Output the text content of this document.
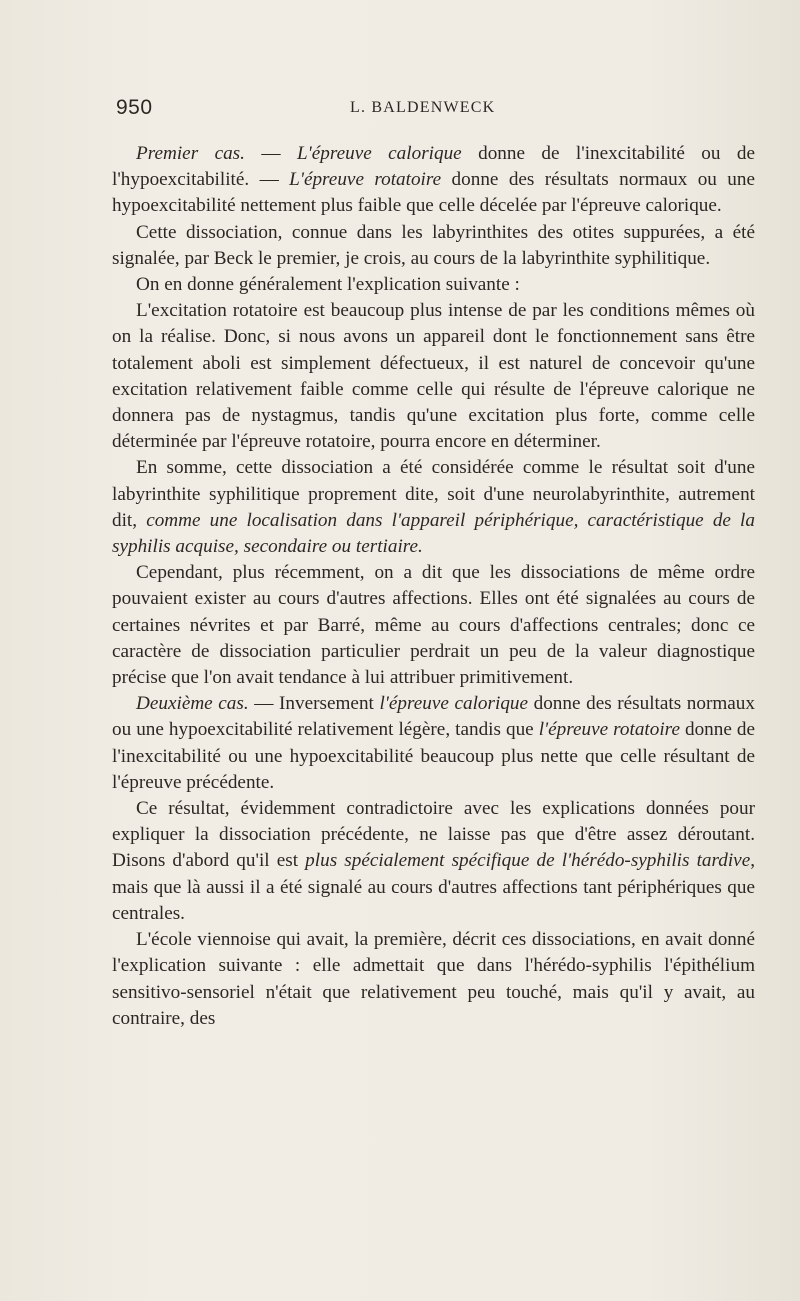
950	L. BALDENWECK

Premier cas. — L'épreuve calorique donne de l'inexcitabilité ou de l'hypoexcitabilité. — L'épreuve rotatoire donne des résultats normaux ou une hypoexcitabilité nettement plus faible que celle décelée par l'épreuve calorique.

Cette dissociation, connue dans les labyrinthites des otites suppurées, a été signalée, par Beck le premier, je crois, au cours de la labyrinthite syphilitique.

On en donne généralement l'explication suivante :

L'excitation rotatoire est beaucoup plus intense de par les conditions mêmes où on la réalise. Donc, si nous avons un appareil dont le fonctionnement sans être totalement aboli est simplement défectueux, il est naturel de concevoir qu'une excitation relativement faible comme celle qui résulte de l'épreuve calorique ne donnera pas de nystagmus, tandis qu'une excitation plus forte, comme celle déterminée par l'épreuve rotatoire, pourra encore en déterminer.

En somme, cette dissociation a été considérée comme le résultat soit d'une labyrinthite syphilitique proprement dite, soit d'une neurolabyrinthite, autrement dit, comme une localisation dans l'appareil périphérique, caractéristique de la syphilis acquise, secondaire ou tertiaire.

Cependant, plus récemment, on a dit que les dissociations de même ordre pouvaient exister au cours d'autres affections. Elles ont été signalées au cours de certaines névrites et par Barré, même au cours d'affections centrales; donc ce caractère de dissociation particulier perdrait un peu de la valeur diagnostique précise que l'on avait tendance à lui attribuer primitivement.

Deuxième cas. — Inversement l'épreuve calorique donne des résultats normaux ou une hypoexcitabilité relativement légère, tandis que l'épreuve rotatoire donne de l'inexcitabilité ou une hypoexcitabilité beaucoup plus nette que celle résultant de l'épreuve précédente.

Ce résultat, évidemment contradictoire avec les explications données pour expliquer la dissociation précédente, ne laisse pas que d'être assez déroutant. Disons d'abord qu'il est plus spécialement spécifique de l'hérédo-syphilis tardive, mais que là aussi il a été signalé au cours d'autres affections tant périphériques que centrales.

L'école viennoise qui avait, la première, décrit ces dissociations, en avait donné l'explication suivante : elle admettait que dans l'hérédo-syphilis l'épithélium sensitivo-sensoriel n'était que relativement peu touché, mais qu'il y avait, au contraire, des
